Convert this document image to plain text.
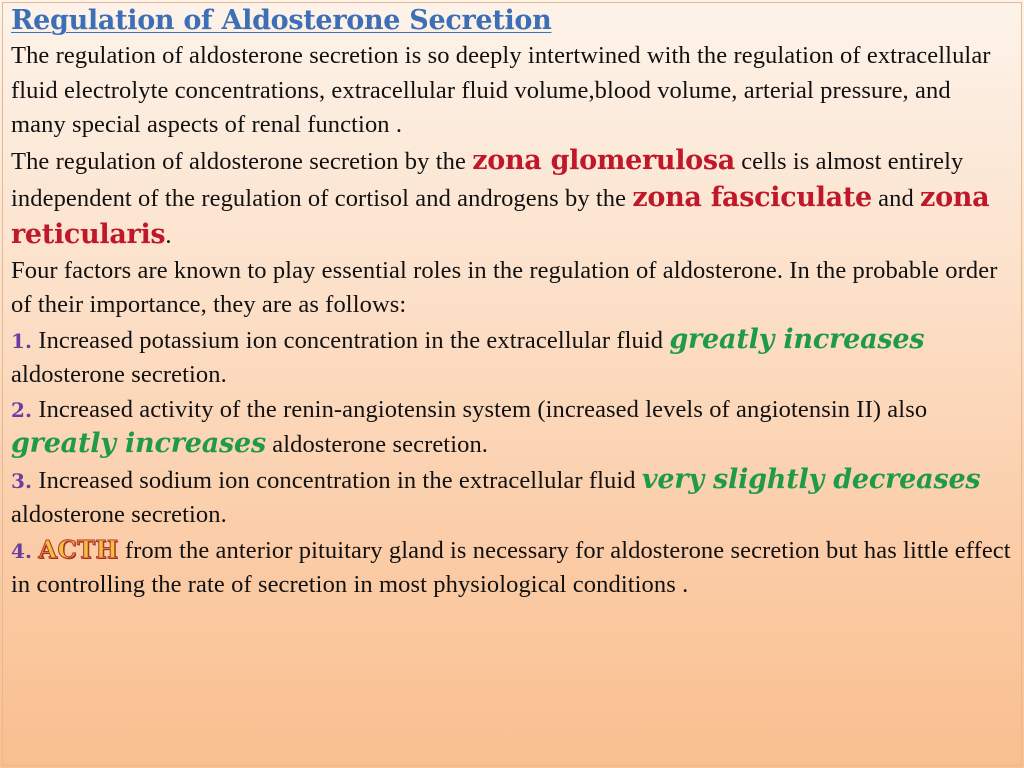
Regulation of Aldosterone Secretion

The regulation of aldosterone secretion is so deeply intertwined with the regulation of extracellular fluid electrolyte concentrations, extracellular fluid volume,blood volume, arterial pressure, and many special aspects of renal function .

The regulation of aldosterone secretion by the zona glomerulosa cells is almost entirely independent of the regulation of cortisol and androgens by the zona fasciculate and zona reticularis.

Four factors are known to play essential roles in the regulation of aldosterone. In the probable order of their importance, they are as follows:

1. Increased potassium ion concentration in the extracellular fluid greatly increases aldosterone secretion.

2. Increased activity of the renin-angiotensin system (increased levels of angiotensin II) also greatly increases aldosterone secretion.

3. Increased sodium ion concentration in the extracellular fluid very slightly decreases aldosterone secretion.

4. ACTH from the anterior pituitary gland is necessary for aldosterone secretion but has little effect in controlling the rate of secretion in most physiological conditions .
